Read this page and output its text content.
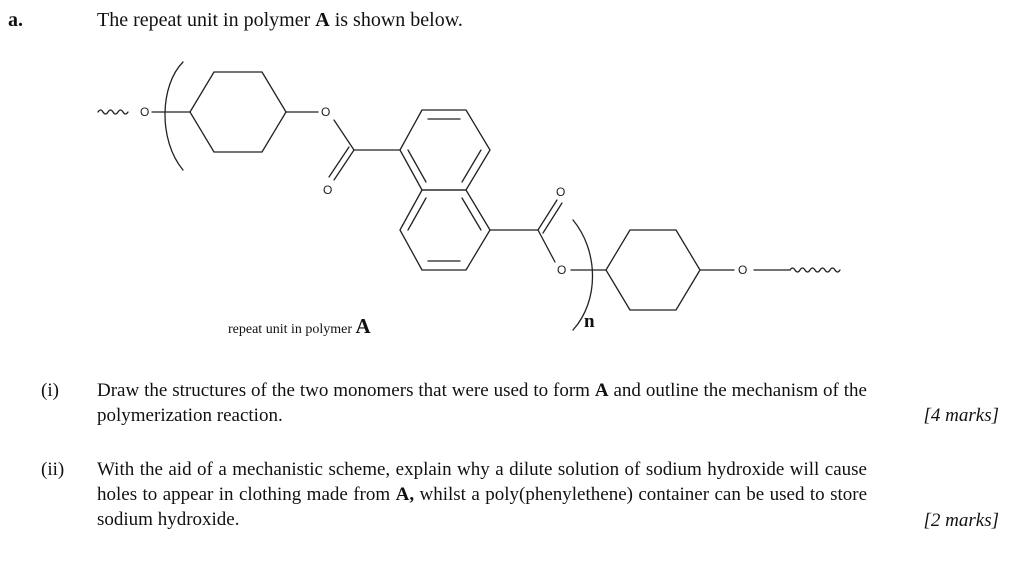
a.	The repeat unit in polymer A is shown below.
O	O
O	O
O	O
n
repeat unit in polymer A
(i) Draw the structures of the two monomers that were used to form A and outline the mechanism of the polymerization reaction.	[4 marks]
(ii) With the aid of a mechanistic scheme, explain why a dilute solution of sodium hydroxide will cause holes to appear in clothing made from A, whilst a poly(phenylethene) container can be used to store sodium hydroxide.	[2 marks]
